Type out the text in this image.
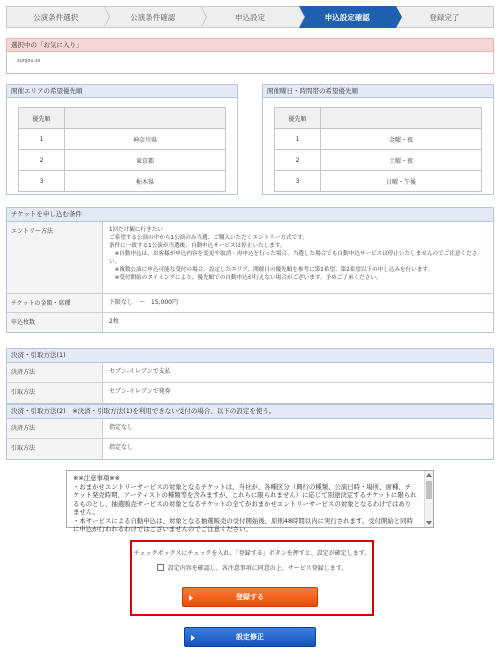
公演条件選択	公演条件確認	申込設定	申込設定確認	登録完了
選択中の「お気に入り」
sunjou.ss
開催エリアの希望優先順
優先順	
1	神奈川県
2	東京都
3	栃木県
開催曜日・時間帯の希望優先順
優先順	
1	金曜・夜
2	土曜・夜
3	日曜・午後
チケットを申し込む条件
エントリー方法	1回だけ観に行きたい
ご希望する公演の中から1公演のみ当選、ご購入いただくエントリー方式です。
条件に一致する1公演が当選後、自動申込サービスは停止いたします。
　※自動申込は、お客様が申込内容を変更や取消・再申込を行った場合、当選した場合でも自動申込サービスは停止いたしませんのでご注意ください。
　※複数公演に申込可能な受付の場合、設定したエリア、開催日の優先順を参考に第1希望、第2希望以下の申し込みを行います。
　※受付開始のタイミングにより、優先順での自動申込が行えない場合がございます。予めご了承ください。
チケットの金額・席種	下限なし　〜　15,000円
申込枚数	2枚
決済・引取方法(1)
決済方法	セブン-イレブンで支払
引取方法	セブン-イレブンで発券
決済・引取方法(2)　※決済・引取方法(1)を利用できない受付の場合、以下の設定を使う。
決済方法	指定なし
引取方法	指定なし
※※注意事項※※
・おまかせエントリーサービスの対象となるチケットは、当社が、各種区分（興行の種類、公演日時・場所、席種、チケット発売時期、アーティストの種類等を含みますが、これらに限られません）に応じて別途決定するチケットに限られるものとし、抽選販売サービスの対象となるチケットの全てがおまかせエントリーサービスの対象となるわけではありません。
・本サービスによる自動申込は、対象となる抽選販売の受付開始後、原則48時間以内に実行されます。受付開始と同時に申込が行われるわけではございませんのでご注意ください。
チェックボックスにチェックを入れ、「登録する」ボタンを押すと、設定が確定します。
設定内容を確認し、各注意事項に同意の上、サービス登録します。
登録する
設定修正
